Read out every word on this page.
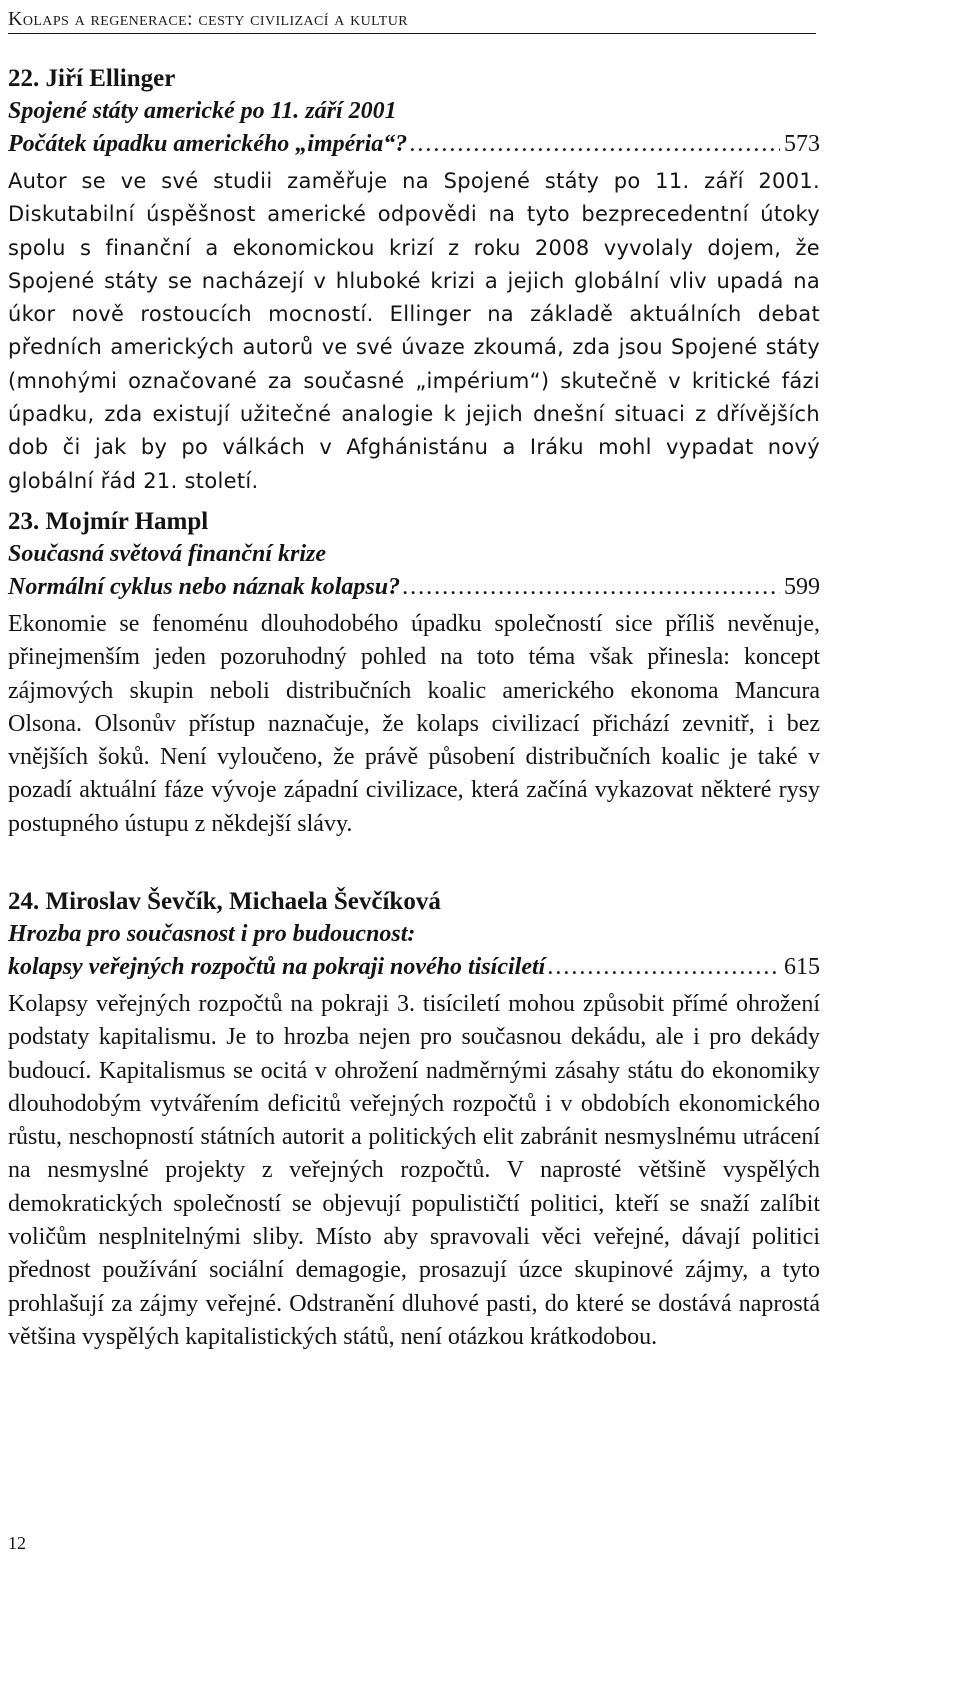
Kolaps a regenerace: cesty civilizací a kultur
22. Jiří Ellinger
Spojené státy americké po 11. září 2001
Počátek úpadku amerického „impéria“? . . .	573

Autor se ve své studii zaměřuje na Spojené státy po 11. září 2001. Diskutabilní úspěšnost americké odpovědi na tyto bezprecedentní útoky spolu s finanční a ekonomickou krizí z roku 2008 vyvolaly dojem, že Spojené státy se nacházejí v hluboké krizi a jejich globální vliv upadá na úkor nově rostoucích mocností. Ellinger na základě aktuálních debat předních amerických autorů ve své úvaze zkoumá, zda jsou Spojené státy (mnohými označované za současné „impérium“) skutečně v kritické fázi úpadku, zda existují užitečné analogie k jejich dnešní situaci z dřívějších dob či jak by po válkách v Afghánistánu a Iráku mohl vypadat nový globální řád 21. století.

23. Mojmír Hampl
Současná světová finanční krize
Normální cyklus nebo náznak kolapsu? . . .	599

Ekonomie se fenoménu dlouhodobého úpadku společností sice příliš nevěnuje, přinejmenším jeden pozoruhodný pohled na toto téma však přinesla: koncept zájmových skupin neboli distribučních koalic amerického ekonoma Mancura Olsona. Olsonův přístup naznačuje, že kolaps civilizací přichází zevnitř, i bez vnějších šoků. Není vyloučeno, že právě působení distribučních koalic je také v pozadí aktuální fáze vývoje západní civilizace, která začíná vykazovat některé rysy postupného ústupu z někdejší slávy.

24. Miroslav Ševčík, Michaela Ševčíková
Hrozba pro současnost i pro budoucnost:
kolapsy veřejných rozpočtů na pokraji nového tisíciletí . . .	615

Kolapsy veřejných rozpočtů na pokraji 3. tisíciletí mohou způsobit přímé ohrožení podstaty kapitalismu. Je to hrozba nejen pro současnou dekádu, ale i pro dekády budoucí. Kapitalismus se ocitá v ohrožení nadměrnými zásahy státu do ekonomiky dlouhodobým vytvářením deficitů veřejných rozpočtů i v obdobích ekonomického růstu, neschopností státních autorit a politických elit zabránit nesmyslnému utrácení na nesmyslné projekty z veřejných rozpočtů. V naprosté většině vyspělých demokratických společností se objevují populističtí politici, kteří se snaží zalíbit voličům nesplnitelnými sliby. Místo aby spravovali věci veřejné, dávají politici přednost používání sociální demagogie, prosazují úzce skupinové zájmy, a tyto prohlašují za zájmy veřejné. Odstranění dluhové pasti, do které se dostává naprostá většina vyspělých kapitalistických států, není otázkou krátkodobou.

12
